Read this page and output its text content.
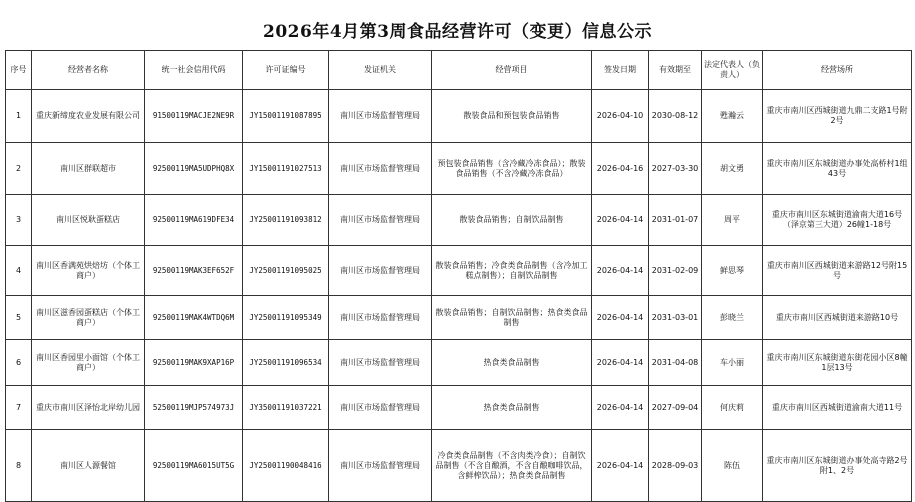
2026年4月第3周食品经营许可（变更）信息公示
序号	经营者名称	统一社会信用代码	许可证编号	发证机关	经营项目	签发日期	有效期至	法定代表人（负责人）	经营场所
1	重庆新缔度农业发展有限公司	91500119MACJE2NE9R	JY15001191087895	南川区市场监督管理局	散装食品和预包装食品销售	2026-04-10	2030-08-12	甦瀚云	重庆市南川区西城街道九鼎二支路1号附2号
2	南川区群联超市	92500119MA5UDPHQ8X	JY15001191027513	南川区市场监督管理局	预包装食品销售（含冷藏冷冻食品）；散装食品销售（不含冷藏冷冻食品）	2026-04-16	2027-03-30	胡文勇	重庆市南川区东城街道办事处高桥村1组43号
3	南川区悦耿蛋糕店	92500119MA619DFE34	JY25001191093812	南川区市场监督管理局	散装食品销售；自制饮品制售	2026-04-14	2031-01-07	周平	重庆市南川区东城街道渝南大道16号（泽京第三大道）26幢1-18号
4	南川区香满苑烘焙坊（个体工商户）	92500119MAK3EF652F	JY25001191095025	南川区市场监督管理局	散装食品销售；冷食类食品制售（含冷加工糕点制售）；自制饮品制售	2026-04-14	2031-02-09	鲜思琴	重庆市南川区西城街道来游路12号附15号
5	南川区滋香园蛋糕店（个体工商户）	92500119MAK4WTDQ6M	JY25001191095349	南川区市场监督管理局	散装食品销售；自制饮品制售；热食类食品制售	2026-04-14	2031-03-01	彭晓兰	重庆市南川区西城街道来游路10号
6	南川区香园里小面馆（个体工商户）	92500119MAK9XAP16P	JY25001191096534	南川区市场监督管理局	热食类食品制售	2026-04-14	2031-04-08	车小丽	重庆市南川区东城街道东街花园小区8幢1层13号
7	重庆市南川区泽怡北岸幼儿园	52500119MJP574973J	JY35001191037221	南川区市场监督管理局	热食类食品制售	2026-04-14	2027-09-04	何庆莉	重庆市南川区西城街道渝南大道11号
8	南川区人源餐馆	92500119MA6015UT5G	JY25001190048416	南川区市场监督管理局	冷食类食品制售（不含肉类冷食）；自制饮品制售（不含自酿酒，不含自酿咖啡饮品，含鲜榨饮品）；热食类食品制售	2026-04-14	2028-09-03	陈伍	重庆市南川区东城街道办事处高寺路2号附1、2号
